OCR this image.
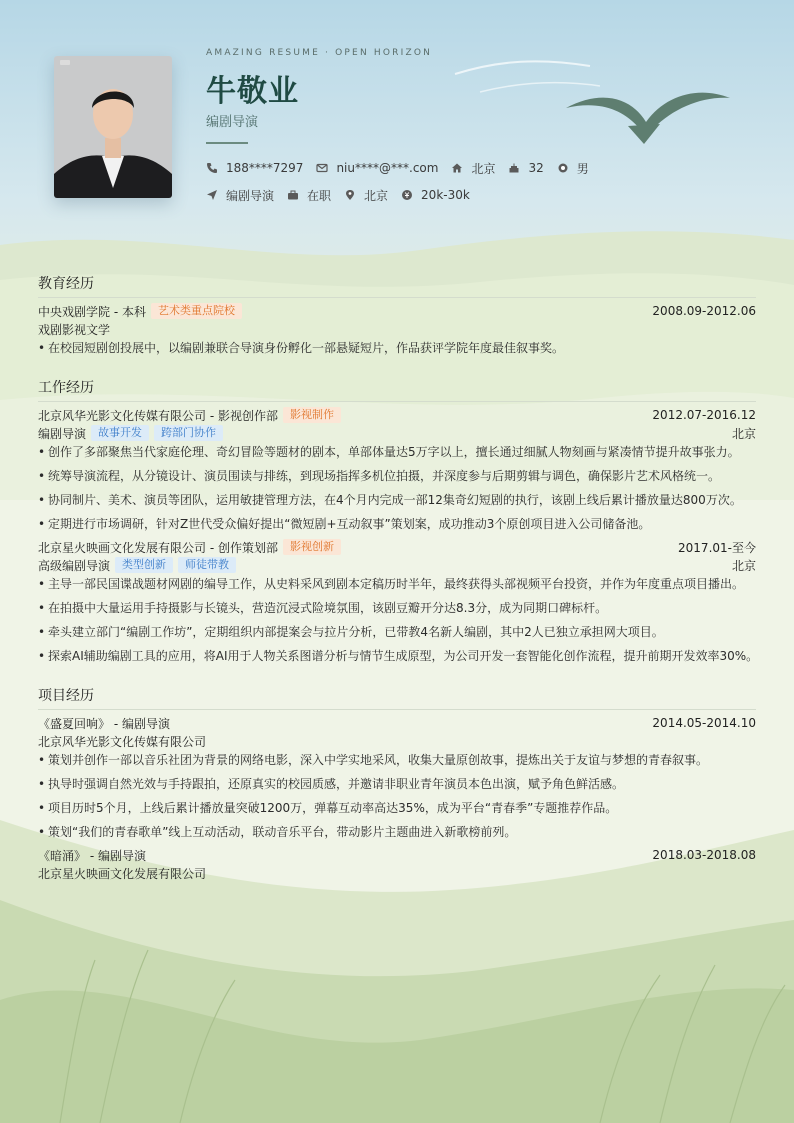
AMAZING RESUME · OPEN HORIZON
牛敬业
编剧导演
188****7297	niu****@***.com	北京	32	男
编剧导演	在职	北京	20k-30k
教育经历
中央戏剧学院 - 本科	艺术类重点院校	2008.09-2012.06
戏剧影视文学
• 在校园短剧创投展中，以编剧兼联合导演身份孵化一部悬疑短片，作品获评学院年度最佳叙事奖。
工作经历
北京风华光影文化传媒有限公司 - 影视创作部	影视制作	2012.07-2016.12
编剧导演	故事开发	跨部门协作	北京
• 创作了多部聚焦当代家庭伦理、奇幻冒险等题材的剧本，单部体量达5万字以上，擅长通过细腻人物刻画与紧凑情节提升故事张力。
• 统筹导演流程，从分镜设计、演员围读与排练，到现场指挥多机位拍摄，并深度参与后期剪辑与调色，确保影片艺术风格统一。
• 协同制片、美术、演员等团队，运用敏捷管理方法，在4个月内完成一部12集奇幻短剧的执行，该剧上线后累计播放量达800万次。
• 定期进行市场调研，针对Z世代受众偏好提出“微短剧+互动叙事”策划案，成功推动3个原创项目进入公司储备池。
北京星火映画文化发展有限公司 - 创作策划部	影视创新	2017.01-至今
高级编剧导演	类型创新	师徒带教	北京
• 主导一部民国谍战题材网剧的编导工作，从史料采风到剧本定稿历时半年，最终获得头部视频平台投资，并作为年度重点项目播出。
• 在拍摄中大量运用手持摄影与长镜头，营造沉浸式险境氛围，该剧豆瓣开分达8.3分，成为同期口碑标杆。
• 牵头建立部门“编剧工作坊”，定期组织内部提案会与拉片分析，已带教4名新人编剧，其中2人已独立承担网大项目。
• 探索AI辅助编剧工具的应用，将AI用于人物关系图谱分析与情节生成原型，为公司开发一套智能化创作流程，提升前期开发效率30%。
项目经历
《盛夏回响》 - 编剧导演	2014.05-2014.10
北京风华光影文化传媒有限公司
• 策划并创作一部以音乐社团为背景的网络电影，深入中学实地采风，收集大量原创故事，提炼出关于友谊与梦想的青春叙事。
• 执导时强调自然光效与手持跟拍，还原真实的校园质感，并邀请非职业青年演员本色出演，赋予角色鲜活感。
• 项目历时5个月，上线后累计播放量突破1200万，弹幕互动率高达35%，成为平台“青春季”专题推荐作品。
• 策划“我们的青春歌单”线上互动活动，联动音乐平台，带动影片主题曲进入新歌榜前列。
《暗涌》 - 编剧导演	2018.03-2018.08
北京星火映画文化发展有限公司
